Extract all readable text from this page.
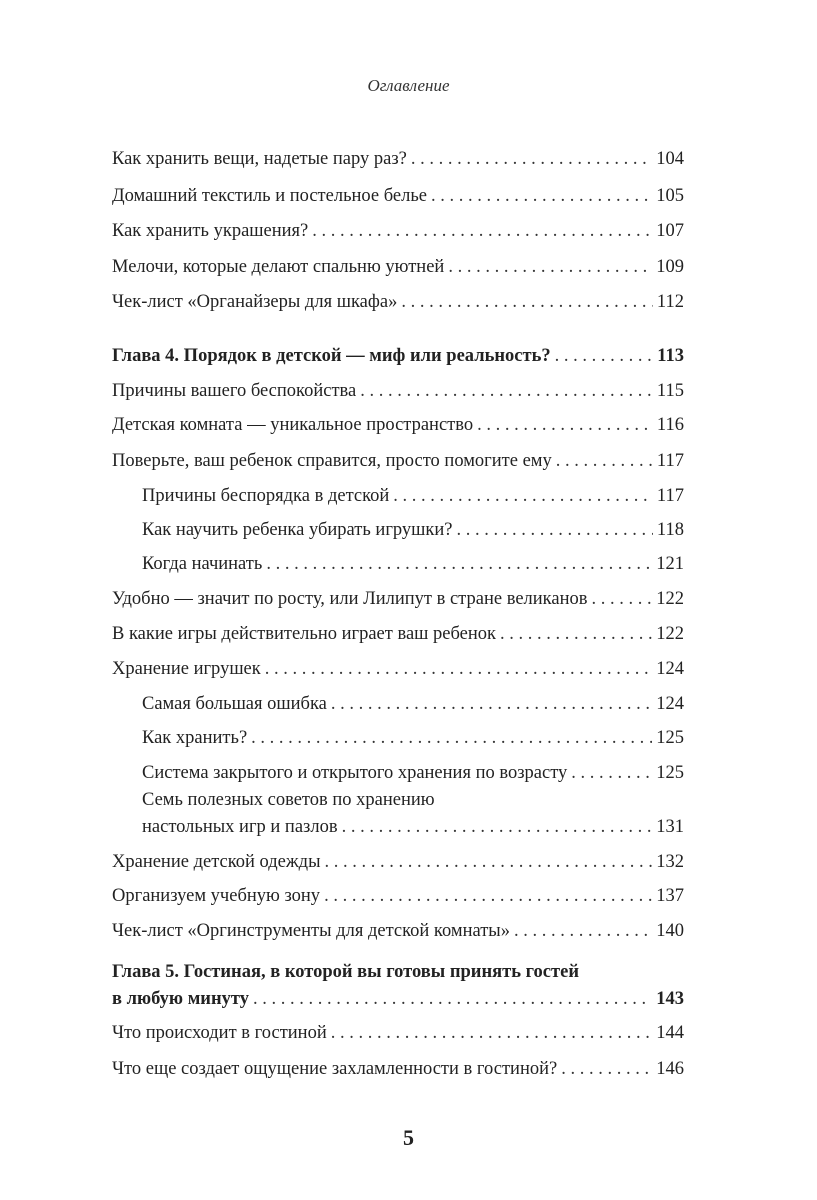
Оглавление
Как хранить вещи, надетые пару раз? . . .	104
Домашний текстиль и постельное белье . . .	105
Как хранить украшения? . . .	107
Мелочи, которые делают спальню уютней . . .	109
Чек-лист «Органайзеры для шкафа» . . .	112
Глава 4. Порядок в детской — миф или реальность? . . .	113
Причины вашего беспокойства . . .	115
Детская комната — уникальное пространство . . .	116
Поверьте, ваш ребенок справится, просто помогите ему . . .	117
Причины беспорядка в детской . . .	117
Как научить ребенка убирать игрушки? . . .	118
Когда начинать . . .	121
Удобно — значит по росту, или Лилипут в стране великанов . . .	122
В какие игры действительно играет ваш ребенок . . .	122
Хранение игрушек . . .	124
Самая большая ошибка . . .	124
Как хранить? . . .	125
Система закрытого и открытого хранения по возрасту . . .	125
Семь полезных советов по хранению
настольных игр и пазлов . . .	131
Хранение детской одежды . . .	132
Организуем учебную зону . . .	137
Чек-лист «Оргинструменты для детской комнаты» . . .	140
Глава 5. Гостиная, в которой вы готовы принять гостей
в любую минуту . . .	143
Что происходит в гостиной . . .	144
Что еще создает ощущение захламленности в гостиной? . . .	146
5
